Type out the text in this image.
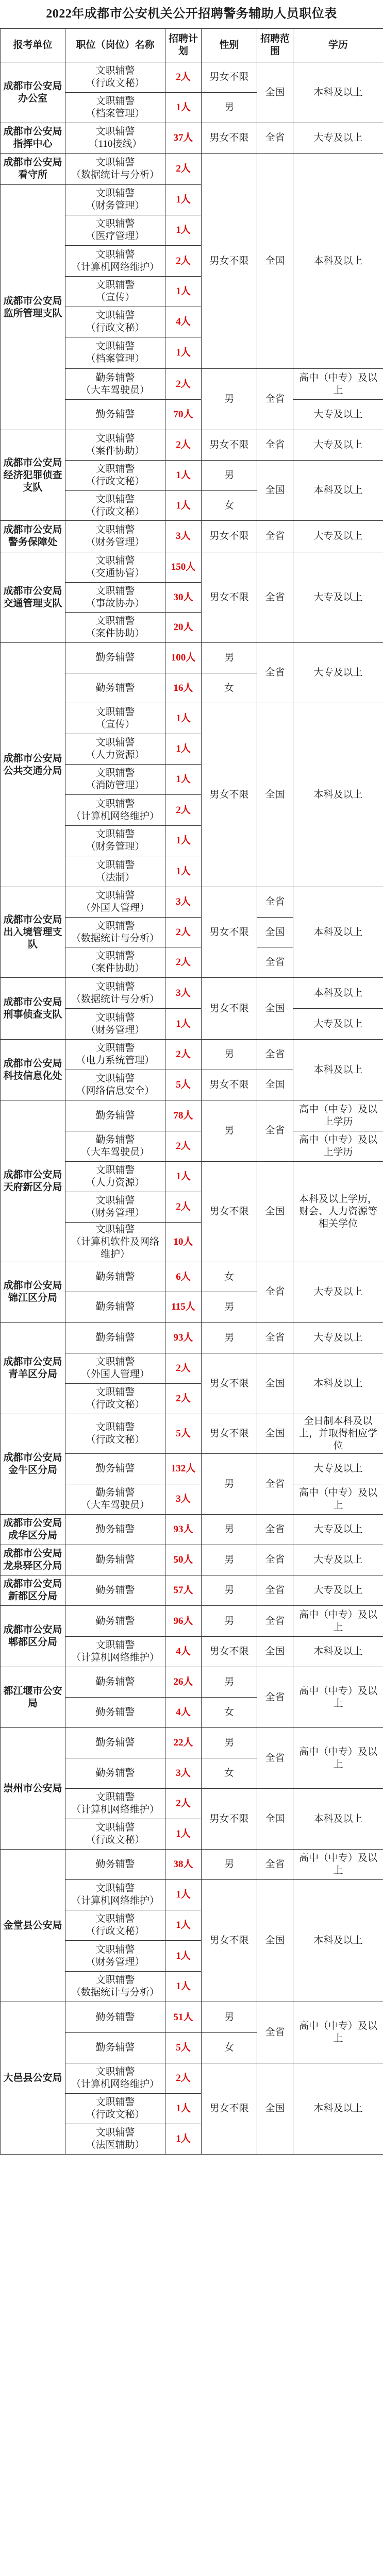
2022年成都市公安机关公开招聘警务辅助人员职位表
报考单位	职位（岗位）名称	招聘计划	性别	招聘范围	学历
成都市公安局办公室	文职辅警
（行政文秘）	2人	男女不限	全国	本科及以上
	文职辅警
（档案管理）	1人	男		
成都市公安局指挥中心	文职辅警
（110接线）	37人	男女不限	全省	大专及以上
成都市公安局看守所	文职辅警
（数据统计与分析）	2人	男女不限	全国	本科及以上
成都市公安局监所管理支队	文职辅警
（财务管理）	1人			
	文职辅警
（医疗管理）	1人			
	文职辅警
（计算机网络维护）	2人			
	文职辅警
（宣传）	1人			
	文职辅警
（行政文秘）	4人			
	文职辅警
（档案管理）	1人			
	勤务辅警
（大车驾驶员）	2人	男	全省	高中（中专）及以上
	勤务辅警	70人			大专及以上
成都市公安局经济犯罪侦查支队	文职辅警
（案件协助）	2人	男女不限	全省	大专及以上
	文职辅警
（行政文秘）	1人	男	全国	本科及以上
	文职辅警
（行政文秘）	1人	女		
成都市公安局警务保障处	文职辅警
（财务管理）	3人	男女不限	全省	大专及以上
成都市公安局交通管理支队	文职辅警
（交通协管）	150人	男女不限	全省	大专及以上
	文职辅警
（事故协办）	30人			
	文职辅警
（案件协助）	20人			
成都市公安局公共交通分局	勤务辅警	100人	男	全省	大专及以上
	勤务辅警	16人	女		
	文职辅警
（宣传）	1人	男女不限	全国	本科及以上
	文职辅警
（人力资源）	1人			
	文职辅警
（消防管理）	1人			
	文职辅警
（计算机网络维护）	2人			
	文职辅警
（财务管理）	1人			
	文职辅警
（法制）	1人			
成都市公安局出入境管理支队	文职辅警
（外国人管理）	3人	男女不限	全省	本科及以上
	文职辅警
（数据统计与分析）	2人		全国	
	文职辅警
（案件协助）	2人		全省	
成都市公安局刑事侦查支队	文职辅警
（数据统计与分析）	3人	男女不限	全国	本科及以上
	文职辅警
（财务管理）	1人			大专及以上
成都市公安局科技信息化处	文职辅警
（电力系统管理）	2人	男	全省	本科及以上
	文职辅警
（网络信息安全）	5人	男女不限	全国	
成都市公安局天府新区分局	勤务辅警	78人	男	全省	高中（中专）及以上学历
	勤务辅警
（大车驾驶员）	2人			高中（中专）及以上学历
	文职辅警
（人力资源）	1人	男女不限	全国	本科及以上学历，财会、人力资源等相关学位
	文职辅警
（财务管理）	2人			
	文职辅警
（计算机软件及网络维护）	10人			
成都市公安局锦江区分局	勤务辅警	6人	女	全省	大专及以上
	勤务辅警	115人	男		
成都市公安局青羊区分局	勤务辅警	93人	男	全省	大专及以上
	文职辅警
（外国人管理）	2人	男女不限	全国	本科及以上
	文职辅警
（行政文秘）	2人			
成都市公安局金牛区分局	文职辅警
（行政文秘）	5人	男女不限	全国	全日制本科及以上，并取得相应学位
	勤务辅警	132人	男	全省	大专及以上
	勤务辅警
（大车驾驶员）	3人			高中（中专）及以上
成都市公安局成华区分局	勤务辅警	93人	男	全省	大专及以上
成都市公安局龙泉驿区分局	勤务辅警	50人	男	全省	大专及以上
成都市公安局新都区分局	勤务辅警	57人	男	全省	大专及以上
成都市公安局郫都区分局	勤务辅警	96人	男	全省	高中（中专）及以上
	文职辅警
（计算机网络维护）	4人	男女不限	全国	本科及以上
都江堰市公安局	勤务辅警	26人	男	全省	高中（中专）及以上
	勤务辅警	4人	女		
崇州市公安局	勤务辅警	22人	男	全省	高中（中专）及以上
	勤务辅警	3人	女		
	文职辅警
（计算机网络维护）	2人	男女不限	全国	本科及以上
	文职辅警
（行政文秘）	1人			
金堂县公安局	勤务辅警	38人	男	全省	高中（中专）及以上
	文职辅警
（计算机网络维护）	1人	男女不限	全国	本科及以上
	文职辅警
（行政文秘）	1人			
	文职辅警
（财务管理）	1人			
	文职辅警
（数据统计与分析）	1人			
大邑县公安局	勤务辅警	51人	男	全省	高中（中专）及以上
	勤务辅警	5人	女		
	文职辅警
（计算机网络维护）	2人	男女不限	全国	本科及以上
	文职辅警
（行政文秘）	1人			
	文职辅警
（法医辅助）	1人			
